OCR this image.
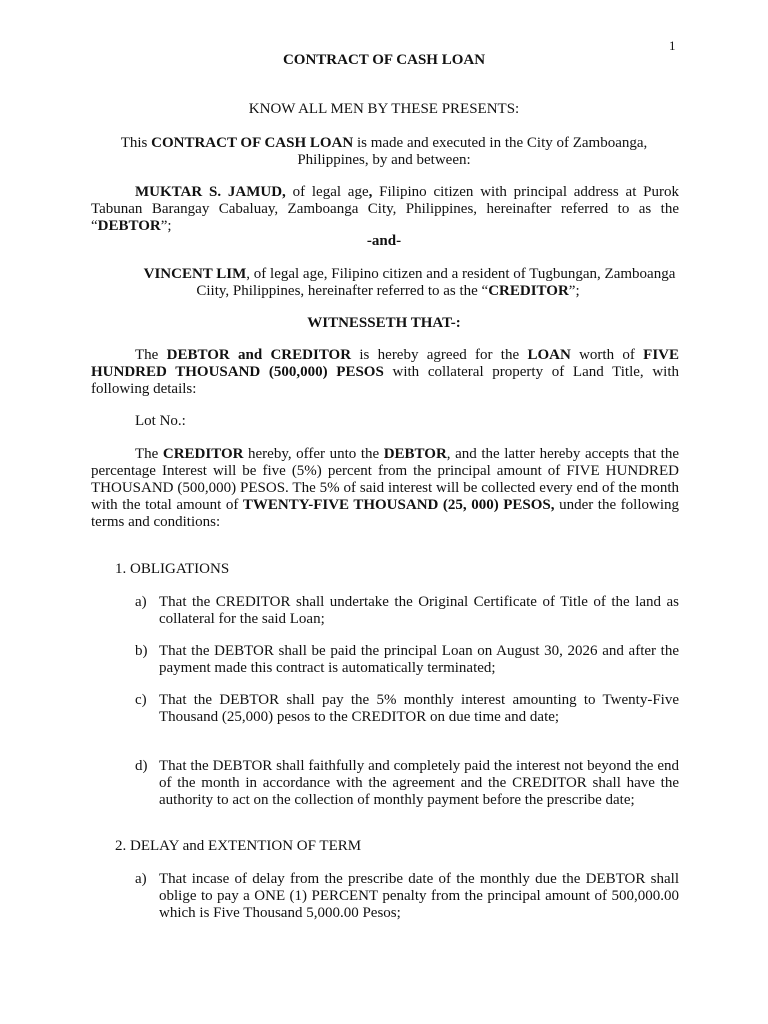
1
CONTRACT OF CASH LOAN
KNOW ALL MEN BY THESE PRESENTS:
This CONTRACT OF CASH LOAN is made and executed in the City of Zamboanga, Philippines, by and between:
MUKTAR S. JAMUD, of legal age, Filipino citizen with principal address at Purok Tabunan Barangay Cabaluay, Zamboanga City, Philippines, hereinafter referred to as the “DEBTOR”;
-and-
VINCENT LIM, of legal age, Filipino citizen and a resident of Tugbungan, Zamboanga Ciity, Philippines, hereinafter referred to as the “CREDITOR”;
WITNESSETH THAT-:
The DEBTOR and CREDITOR is hereby agreed for the LOAN worth of FIVE HUNDRED THOUSAND (500,000) PESOS with collateral property of Land Title, with following details:
Lot No.:
The CREDITOR hereby, offer unto the DEBTOR, and the latter hereby accepts that the percentage Interest will be five (5%) percent from the principal amount of FIVE HUNDRED THOUSAND (500,000) PESOS. The 5% of said interest will be collected every end of the month with the total amount of TWENTY-FIVE THOUSAND (25, 000) PESOS, under the following terms and conditions:
1. OBLIGATIONS
a) That the CREDITOR shall undertake the Original Certificate of Title of the land as collateral for the said Loan;
b) That the DEBTOR shall be paid the principal Loan on August 30, 2026 and after the payment made this contract is automatically terminated;
c) That the DEBTOR shall pay the 5% monthly interest amounting to Twenty-Five Thousand (25,000) pesos to the CREDITOR on due time and date;
d) That the DEBTOR shall faithfully and completely paid the interest not beyond the end of the month in accordance with the agreement and the CREDITOR shall have the authority to act on the collection of monthly payment before the prescribe date;
2. DELAY and EXTENTION OF TERM
a) That incase of delay from the prescribe date of the monthly due the DEBTOR shall oblige to pay a ONE (1) PERCENT penalty from the principal amount of 500,000.00 which is Five Thousand 5,000.00 Pesos;
